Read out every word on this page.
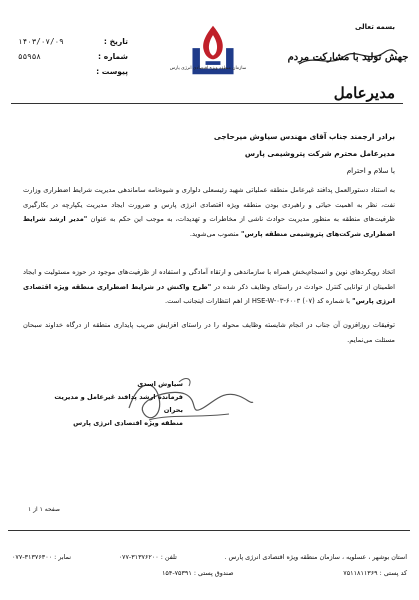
تاریخ :
۱۴۰۳/۰۷/۰۹
شماره :
۵۵۹۵۸
پیوست :	سازمان منطقه ویژه اقتصادی انرژی پارس
بسمه تعالی
جهش تولید با مشارکت مردم
مدیرعامل
برادر ارجمند جناب آقای مهندس سیاوش میرحاجی
مدیرعامل محترم شرکت پتروشیمی پارس
با سلام و احترام
به استناد دستورالعمل پدافند غیرعامل منطقه عملیاتی شهید رئیسعلی دلواری و شیوه‌نامه ساماندهی مدیریت شرایط اضطراری وزارت نفت، نظر به اهمیت حیاتی و راهبردی بودن منطقه ویژه اقتصادی انرژی پارس و ضرورت ایجاد مدیریت یکپارچه در بکارگیری ظرفیت‌های منطقه به منظور مدیریت حوادث ناشی از مخاطرات و تهدیدات، به موجب این حکم به عنوان "مدیر ارشد شرایط اضطراری شرکت‌های پتروشیمی منطقه پارس" منصوب می‌شوید.
اتخاذ رویکردهای نوین و انسجام‌بخش همراه با سازماندهی و ارتقاء آمادگی و استفاده از ظرفیت‌های موجود در حوزه مسئولیت و ایجاد اطمینان از توانایی کنترل حوادث در راستای وظایف ذکر شده در "طرح واکنش در شرایط اضطراری منطقه ویژه اقتصادی انرژی پارس" با شماره کد HSE-W-۰۳-۶۰۰۳ (۰۷) از اهم انتظارات اینجانب است.
توفیقات روزافزون آن جناب در انجام شایسته وظایف محوله را در راستای افزایش ضریب پایداری منطقه از درگاه خداوند سبحان مسئلت می‌نمایم.
سیاوش اسدی
فرمانده ارشد پدافند غیرعامل و مدیریت بحران
منطقه ویژه اقتصادی انرژی پارس
صفحه ۱ از ۱
استان بوشهر ، عسلویه ، سازمان منطقه ویژه اقتصادی انرژی پارس .
تلفن : ۳۱۳۷۶۲۰۰-۰۷۷
نمابر : ۳۱۳۷۶۳۰۰-۰۷۷
کد پستی : ۷۵۱۱۸۱۱۳۶۹
صندوق پستی : ۷۵۳۹۱-۱۵۴
